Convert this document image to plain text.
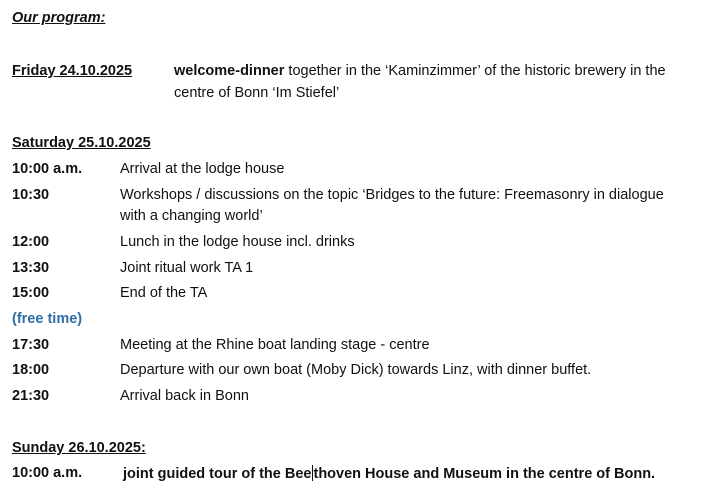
Our program:
Friday 24.10.2025	welcome-dinner together in the ‘Kaminzimmer’ of the historic brewery in the
centre of Bonn ‘Im Stiefel’
Saturday 25.10.2025
10:00 a.m.	Arrival at the lodge house
10:30	Workshops / discussions on the topic ‘Bridges to the future: Freemasonry in dialogue
with a changing world’
12:00	Lunch in the lodge house incl. drinks
13:30	Joint ritual work TA 1
15:00	End of the TA
(free time)
17:30	Meeting at the Rhine boat landing stage - centre
18:00	Departure with our own boat (Moby Dick) towards Linz, with dinner buffet.
21:30	Arrival back in Bonn
Sunday 26.10.2025:
10:00 a.m.	joint guided tour of the Bee thoven House and Museum in the centre of Bonn.
